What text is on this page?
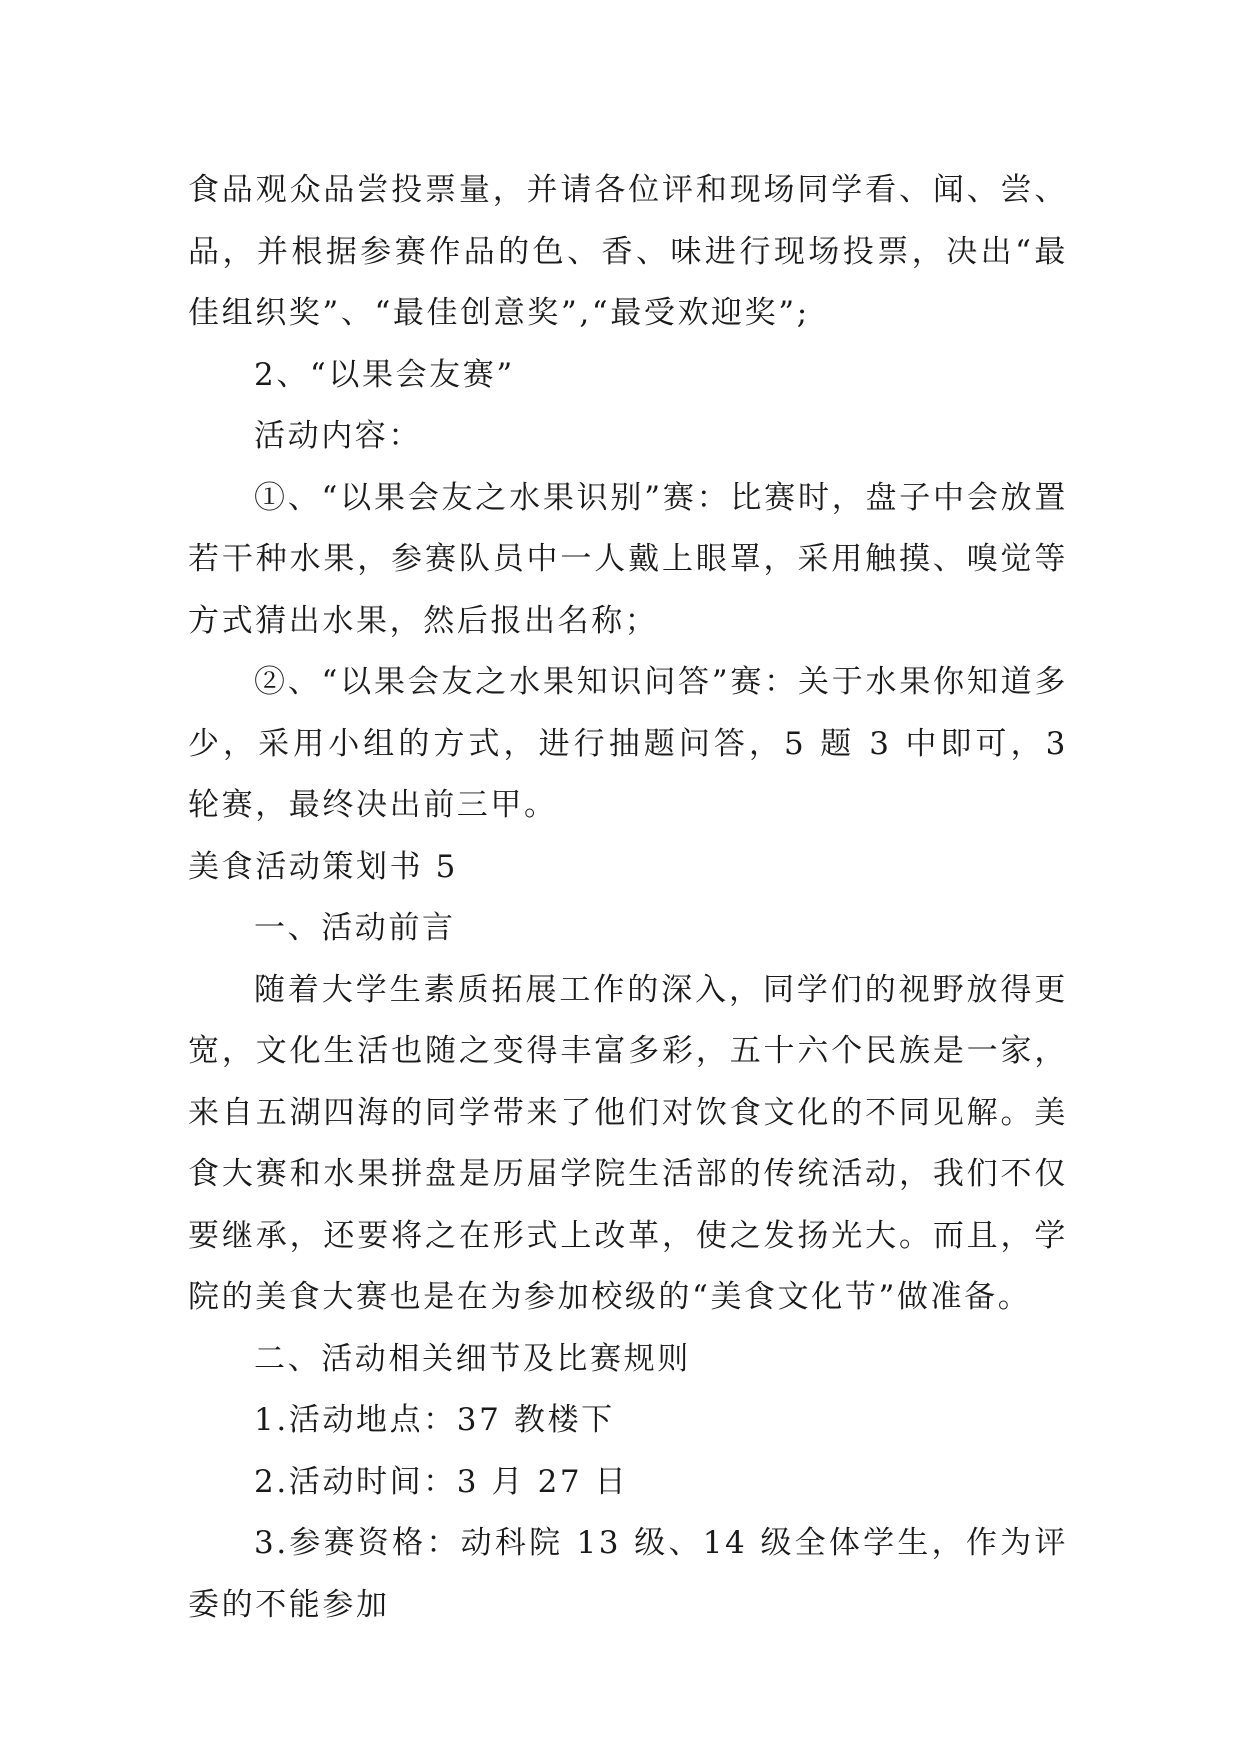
食品观众品尝投票量，并请各位评和现场同学看、闻、尝、品，并根据参赛作品的色、香、味进行现场投票，决出“最佳组织奖”、“最佳创意奖”,“最受欢迎奖”;

2、“以果会友赛”

活动内容：

①、“以果会友之水果识别”赛：比赛时，盘子中会放置若干种水果，参赛队员中一人戴上眼罩，采用触摸、嗅觉等方式猜出水果，然后报出名称；

②、“以果会友之水果知识问答”赛：关于水果你知道多少，采用小组的方式，进行抽题问答，5 题 3 中即可，3 轮赛，最终决出前三甲。

美食活动策划书 5

一、活动前言

随着大学生素质拓展工作的深入，同学们的视野放得更宽，文化生活也随之变得丰富多彩，五十六个民族是一家，来自五湖四海的同学带来了他们对饮食文化的不同见解。美食大赛和水果拼盘是历届学院生活部的传统活动，我们不仅要继承，还要将之在形式上改革，使之发扬光大。而且，学院的美食大赛也是在为参加校级的“美食文化节”做准备。

二、活动相关细节及比赛规则

1.活动地点：37 教楼下

2.活动时间：3 月 27 日

3.参赛资格：动科院 13 级、14 级全体学生，作为评委的不能参加
